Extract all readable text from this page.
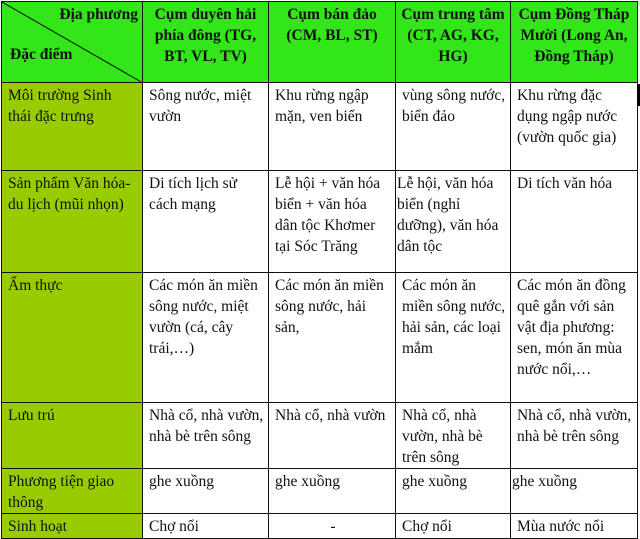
Địa phương
Đặc điểm	Cụm duyên hải phía đông (TG, BT, VL, TV)	Cụm bán đảo (CM, BL, ST)	Cụm trung tâm (CT, AG, KG, HG)	Cụm Đồng Tháp Mười (Long An, Đồng Tháp)
Môi trường Sinh thái đặc trưng	Sông nước, miệt vườn	Khu rừng ngập mặn, ven biển	vùng sông nước, biển đảo	Khu rừng đặc dụng ngập nước (vườn quốc gia)
Sản phẩm Văn hóa- du lịch (mũi nhọn)	Di tích lịch sử cách mạng	Lễ hội + văn hóa biển + văn hóa dân tộc Khơmer tại Sóc Trăng	Lễ hội, văn hóa biển (nghỉ dưỡng), văn hóa dân tộc	Di tích văn hóa
Ẩm thực	Các món ăn miền sông nước, miệt vườn (cá, cây trái,…)	Các món ăn miền sông nước, hải sản,	Các món ăn miền sông nước, hải sản, các loại mắm	Các món ăn đồng quê gắn với sản vật địa phương: sen, món ăn mùa nước nổi,…
Lưu trú	Nhà cổ, nhà vườn, nhà bè trên sông	Nhà cổ, nhà vườn	Nhà cổ, nhà vườn, nhà bè trên sông	Nhà cổ, nhà vườn, nhà bè trên sông
Phương tiện giao thông	ghe xuồng	ghe xuồng	ghe xuồng	ghe xuồng
Sinh hoạt	Chợ nổi	-	Chợ nổi	Mùa nước nổi
